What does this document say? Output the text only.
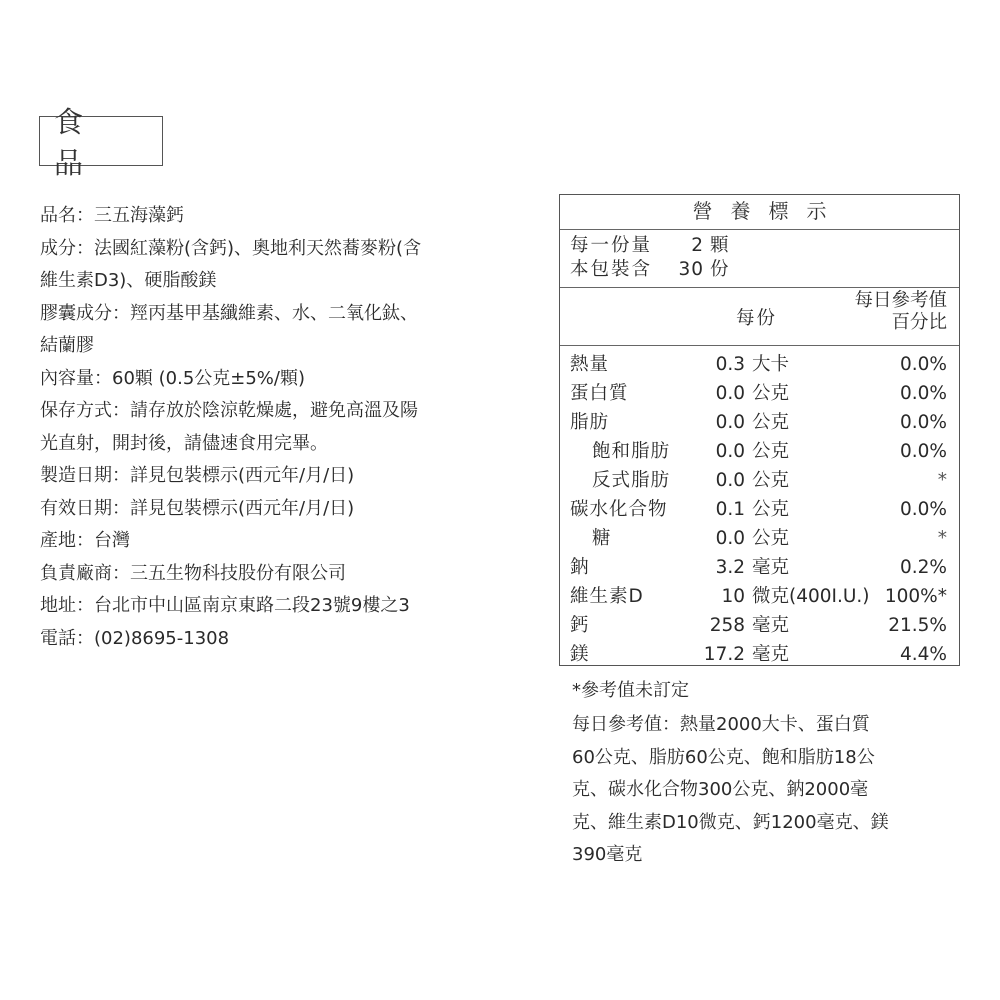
食 品
品名：三五海藻鈣
成分：法國紅藻粉(含鈣)、奧地利天然蕎麥粉(含
維生素D3)、硬脂酸鎂
膠囊成分：羥丙基甲基纖維素、水、二氧化鈦、
結蘭膠
內容量：60顆 (0.5公克±5%/顆)
保存方式：請存放於陰涼乾燥處，避免高溫及陽
光直射，開封後，請儘速食用完畢。
製造日期：詳見包裝標示(西元年/月/日)
有效日期：詳見包裝標示(西元年/月/日)
產地：台灣
負責廠商：三五生物科技股份有限公司
地址：台北市中山區南京東路二段23號9樓之3
電話：(02)8695-1308
營養標示
每一份量	2 顆
本包裝含	30 份
每份
每日參考值
百分比
熱量	0.3 大卡	0.0%
蛋白質	0.0 公克	0.0%
脂肪	0.0 公克	0.0%
飽和脂肪	0.0 公克	0.0%
反式脂肪	0.0 公克	*
碳水化合物	0.1 公克	0.0%
糖	0.0 公克	*
鈉	3.2 毫克	0.2%
維生素D	10 微克(400I.U.) 100%*
鈣	258 毫克	21.5%
鎂	17.2 毫克	4.4%
*參考值未訂定
每日參考值：熱量2000大卡、蛋白質
60公克、脂肪60公克、飽和脂肪18公
克、碳水化合物300公克、鈉2000毫
克、維生素D10微克、鈣1200毫克、鎂
390毫克
